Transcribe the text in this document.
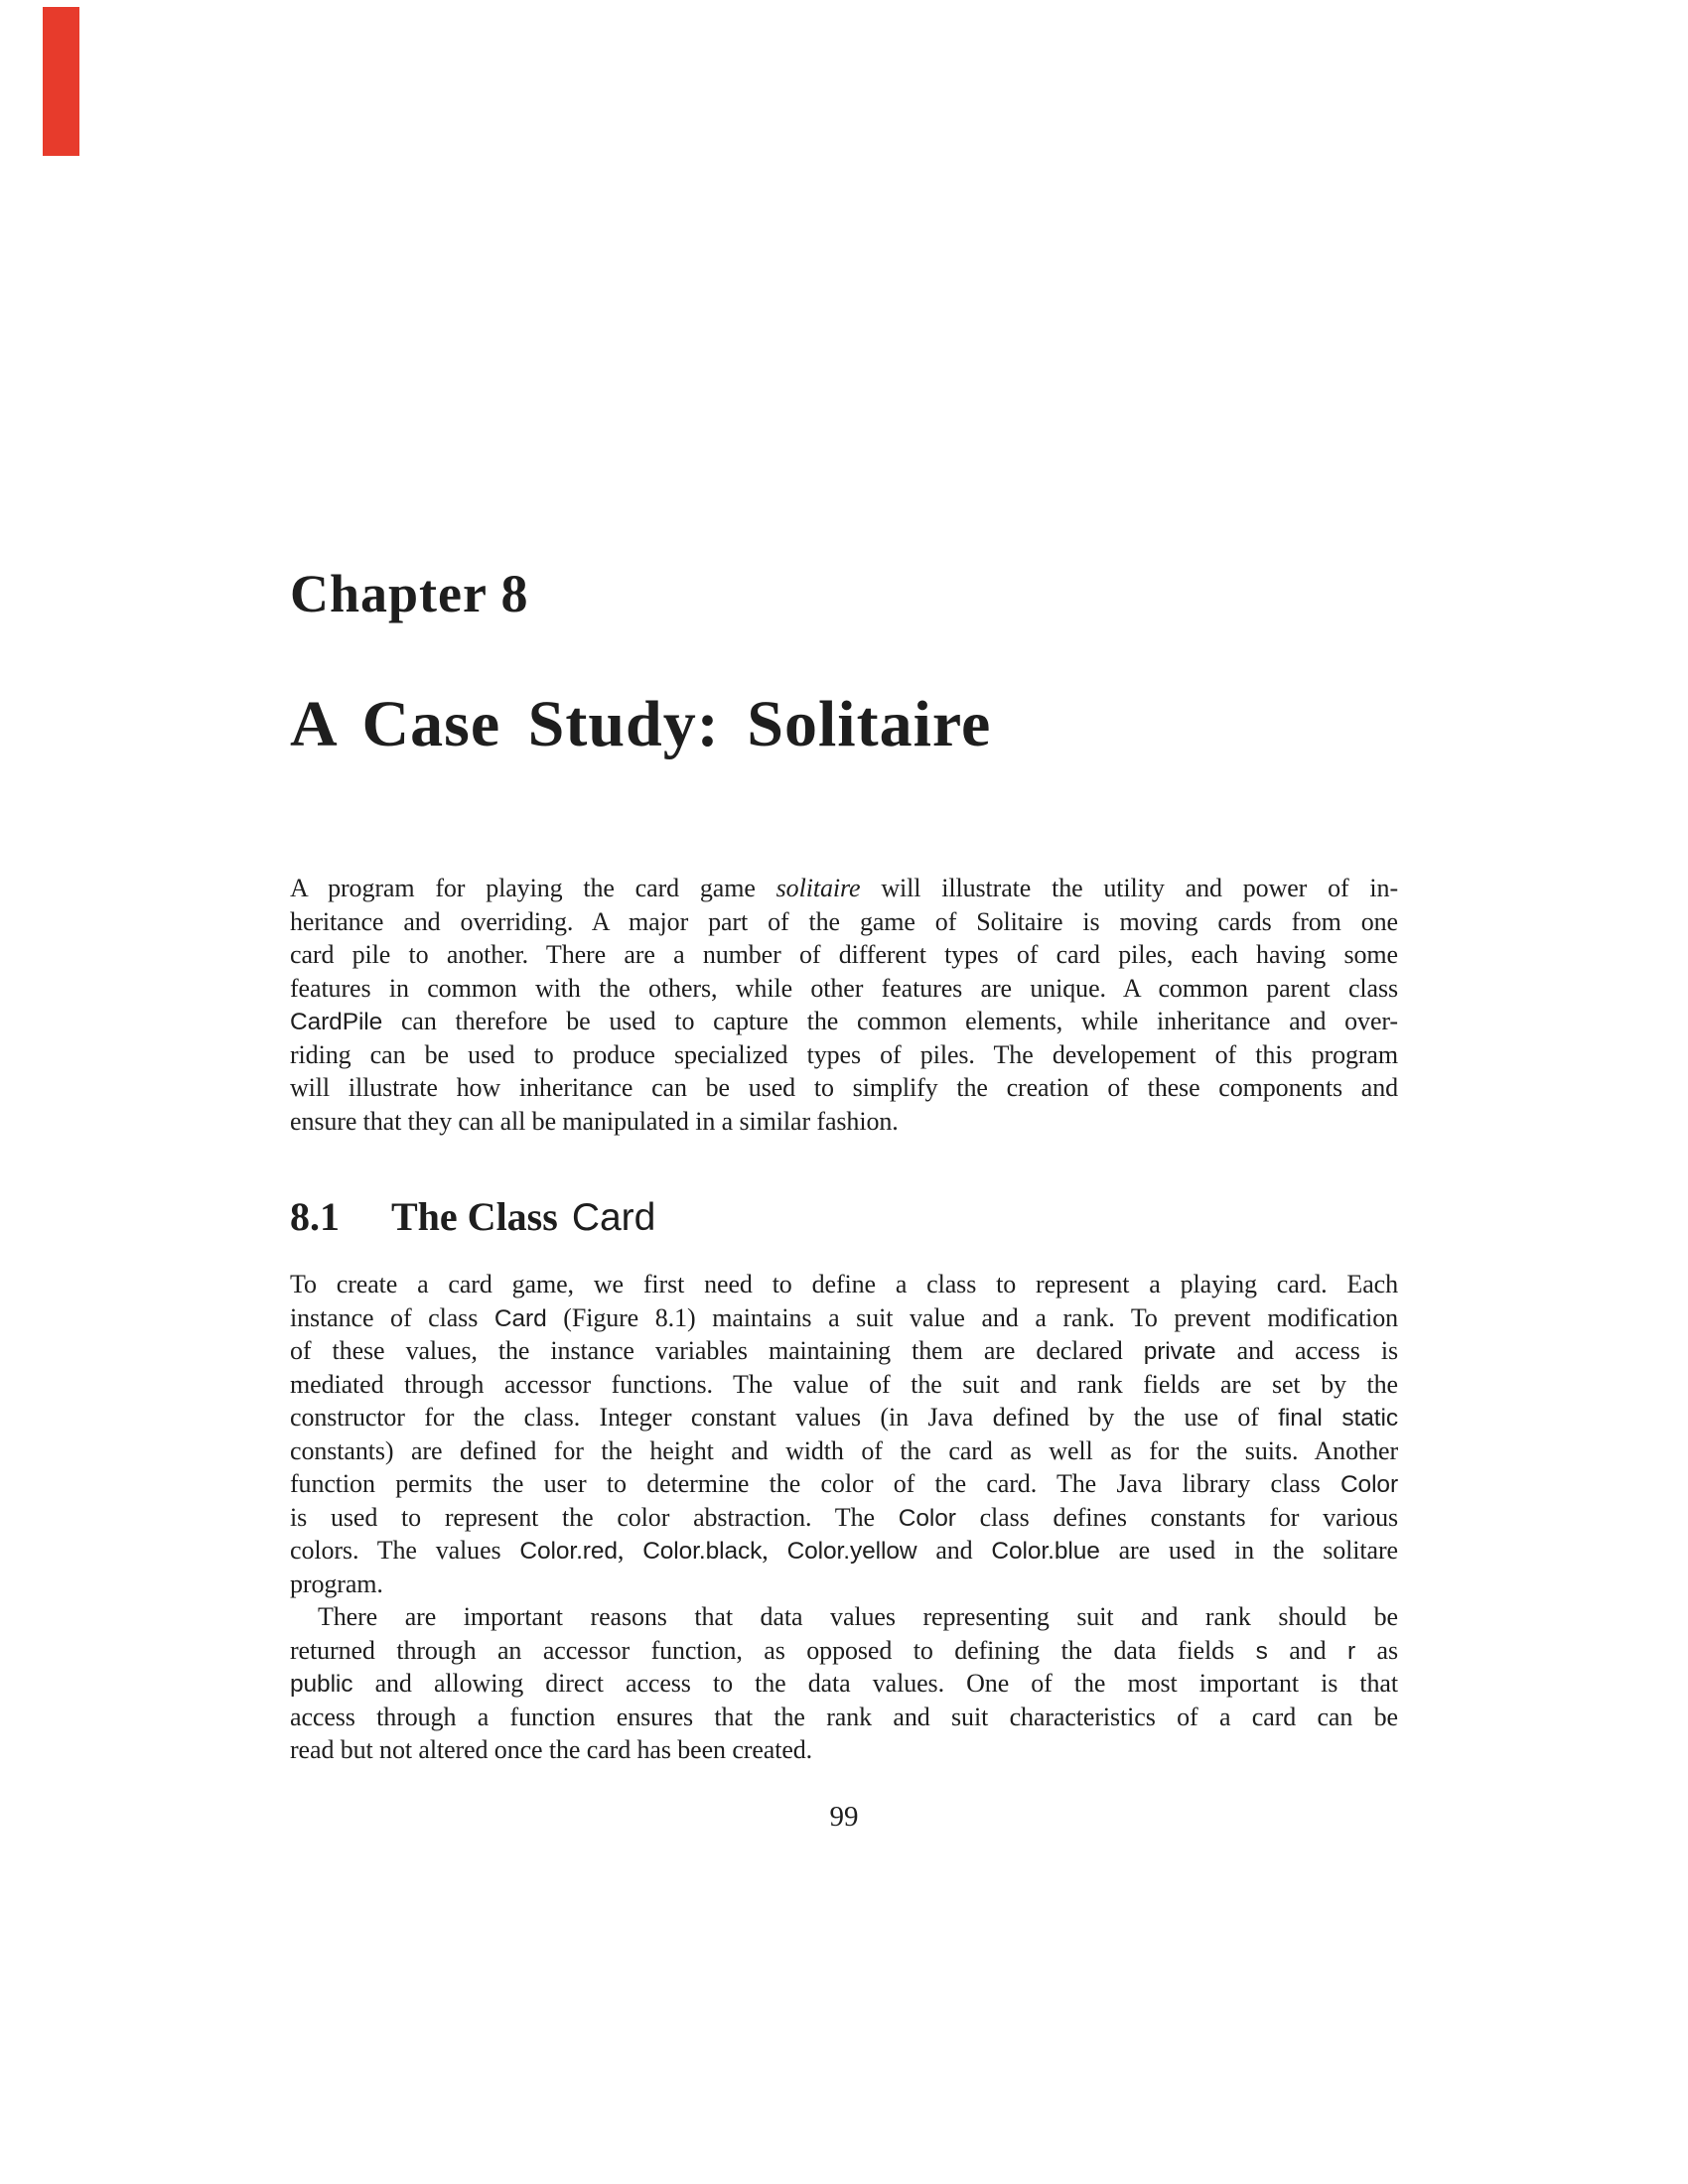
Chapter 8
A Case Study: Solitaire
A program for playing the card game solitaire will illustrate the utility and power of in-
heritance and overriding. A major part of the game of Solitaire is moving cards from one
card pile to another. There are a number of different types of card piles, each having some
features in common with the others, while other features are unique. A common parent class
CardPile can therefore be used to capture the common elements, while inheritance and over-
riding can be used to produce specialized types of piles. The developement of this program
will illustrate how inheritance can be used to simplify the creation of these components and
ensure that they can all be manipulated in a similar fashion.
8.1 The Class Card
To create a card game, we first need to define a class to represent a playing card. Each
instance of class Card (Figure 8.1) maintains a suit value and a rank. To prevent modification
of these values, the instance variables maintaining them are declared private and access is
mediated through accessor functions. The value of the suit and rank fields are set by the
constructor for the class. Integer constant values (in Java defined by the use of final static
constants) are defined for the height and width of the card as well as for the suits. Another
function permits the user to determine the color of the card. The Java library class Color
is used to represent the color abstraction. The Color class defines constants for various
colors. The values Color.red, Color.black, Color.yellow and Color.blue are used in the solitare
program.
There are important reasons that data values representing suit and rank should be
returned through an accessor function, as opposed to defining the data fields s and r as
public and allowing direct access to the data values. One of the most important is that
access through a function ensures that the rank and suit characteristics of a card can be
read but not altered once the card has been created.
99
